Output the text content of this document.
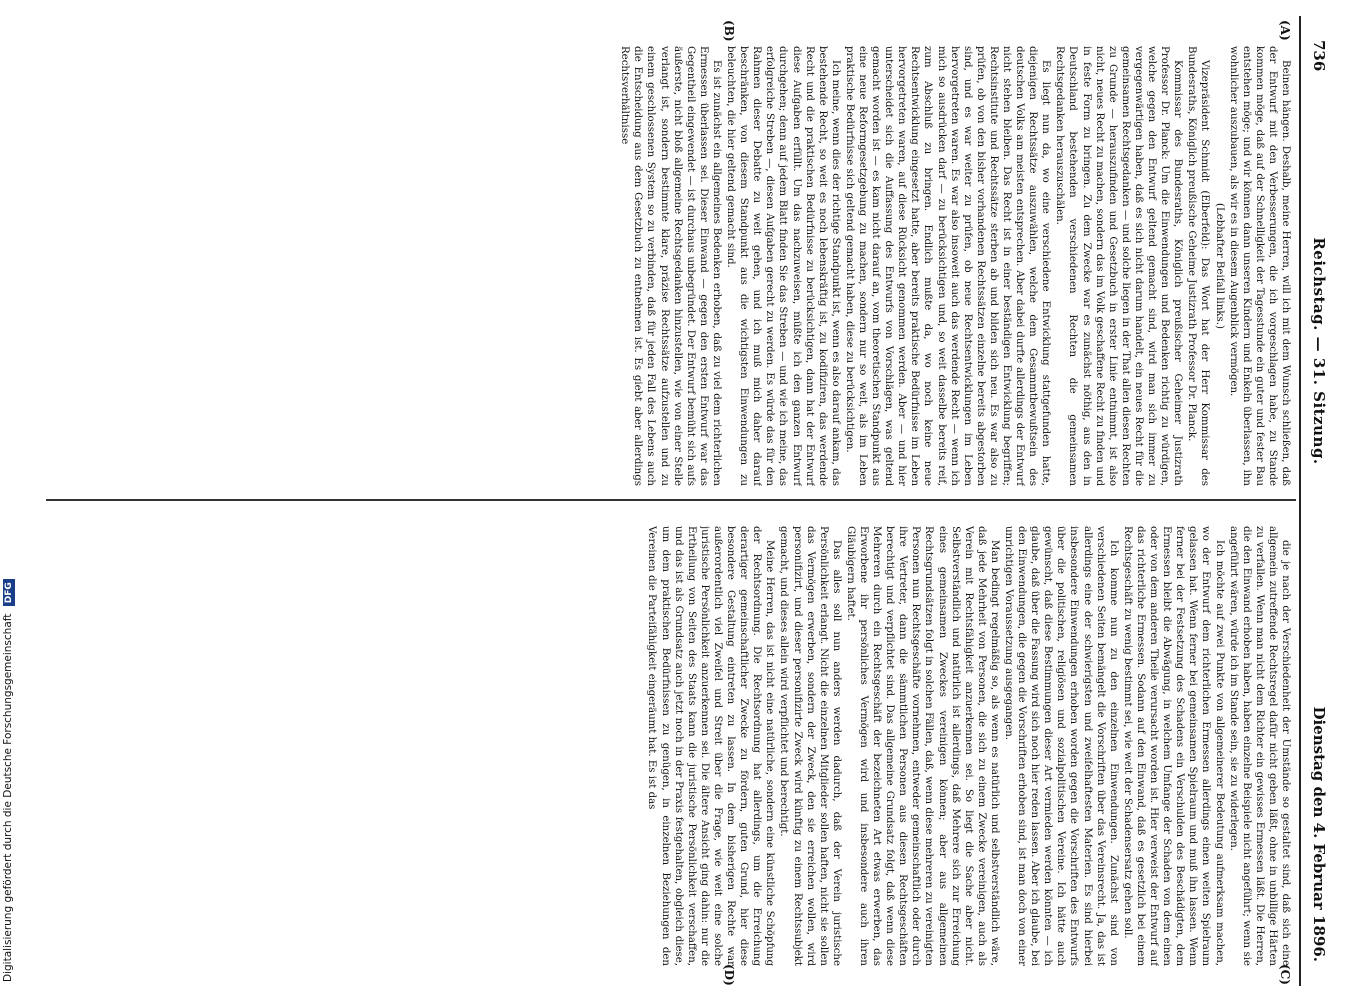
736
Reichstag. — 31. Sitzung.
Dienstag den 4. Februar 1896.
(A)
(B)
(C)
(D)

Beinen hängen. Deshalb, meine Herren, will ich mit dem Wunsch schließen, daß der Entwurf mit den Verbesserungen, die ich vorgeschlagen habe, zu Stande kommen möge, daß auf der Schnelligkeit der Tagesstunde ein guter und fester Bau entstehen möge; und wir können dann unseren Kindern und Enkeln überlassen, ihn wohnlicher auszubauen, als wir es in diesem Augenblick vermögen.

(Lebhafter Beifall links.)

Vizepräsident Schmidt (Elberfeld): Das Wort hat der Herr Kommissar des Bundesraths, Königlich preußische Geheime Justizrath Professor Dr. Planck.

Kommissar des Bundesraths, Königlich preußischer Geheimer Justizrath Professor Dr. Planck: Um die Einwendungen und Bedenken richtig zu würdigen, welche gegen den Entwurf geltend gemacht sind, wird man sich immer zu vergegenwärtigen haben, daß es sich nicht darum handelt, ein neues Recht für die gemeinsamen Rechtsgedanken — und solche liegen in der That allen diesen Rechten zu Grunde — herauszufinden und Gesetzbuch in erster Linie entnimmt, ist also nicht, neues Recht zu machen, sondern das im Volk geschaffene Recht zu finden und in feste Form zu bringen. Zu dem Zwecke war es zunächst nöthig, aus den in Deutschland bestehenden verschiedenen Rechten die gemeinsamen Rechtsgedanken herauszuschälen.

Es liegt nun da, wo eine verschiedene Entwicklung stattgefunden hatte, diejenigen Rechtssätze auszuwählen, welche dem Gesammtbewußtsein des deutschen Volks am meisten entsprechen. Aber dabei durfte allerdings der Entwurf nicht stehen bleiben. Das Recht ist in einer beständigen Entwicklung begriffen; Rechtsinstitute und Rechtssätze sterben ab und bilden sich neu. Es war also zu prüfen, ob von den bisher vorhandenen Rechtssätzen einzelne bereits abgestorben sind, und es war weiter zu prüfen, ob neue Rechtsentwicklungen im Leben hervorgetreten waren. Es war also insoweit auch das werdende Recht — wenn ich mich so ausdrücken darf — zu berücksichtigen und, so weit dasselbe bereits reif, zum Abschluß zu bringen. Endlich mußte da, wo noch keine neue Rechtsentwicklung eingesetzt hatte, aber bereits praktische Bedürfnisse im Leben hervorgetreten waren, auf diese Rücksicht genommen werden. Aber — und hier unterscheidet sich die Auffassung des Entwurfs von Vorschlägen, was geltend gemacht worden ist — es kam nicht darauf an, vom theoretischen Standpunkt aus eine neue Reformgesetzgebung zu machen, sondern nur so weit, als im Leben praktische Bedürfnisse sich geltend gemacht haben, diese zu berücksichtigen.

Ich meine, wenn dies der richtige Standpunkt ist, wenn es also darauf ankam, das bestehende Recht, so weit es noch lebenskräftig ist, zu kodifiziren, das werdende Recht und die praktischen Bedürfnisse zu berücksichtigen, dann hat der Entwurf diese Aufgaben erfüllt. Um das nachzuweisen, müßte ich den ganzen Entwurf durchgehen; denn auf jedem Blatt finden Sie das Streben — und wie ich meine, das erfolgreiche Streben —, diesen Aufgaben gerecht zu werden. Es würde das für den Rahmen dieser Debatte zu weit gehen, und ich muß mich daher darauf beschränken, von diesem Standpunkt aus die wichtigsten Einwendungen zu beleuchten, die hier geltend gemacht sind.

Es ist zunächst ein allgemeines Bedenken erhoben, daß zu viel dem richterlichen Ermessen überlassen sei. Dieser Einwand — gegen den ersten Entwurf war das Gegentheil eingewendet — ist durchaus unbegründet. Der Entwurf bemüht sich aufs äußerste, nicht bloß allgemeine Rechtsgedanken hinzustellen, wie von einer Stelle verlangt ist, sondern bestimmte klare, präzise Rechtssätze aufzustellen und zu einem geschlossenen System so zu verbinden, daß für jeden Fall des Lebens auch die Entscheidung aus dem Gesetzbuch zu entnehmen ist. Es giebt aber allerdings Rechtsverhältnisse

die je nach der Verschiedenheit der Umstände so gestaltet sind, daß sich eine allgemein zutreffende Rechtsregel dafür nicht geben läßt, ohne in unbillige Härten zu verfallen. Wenn man nicht dem Richter ein gewisses Ermessen läßt. Die Herren, die den Einwand erhoben haben, haben einzelne Beispiele nicht angeführt; wenn sie angeführt wären, würde ich im Stande sein, sie zu widerlegen.

Ich möchte auf zwei Punkte von allgemeinerer Bedeutung aufmerksam machen, wo der Entwurf dem richterlichen Ermessen allerdings einen weiten Spielraum gelassen hat. Wenn ferner bei gemeinsamen Spielraum und muß ihn lassen. Wenn ferner bei der Festsetzung des Schadens ein Verschulden des Beschädigten, dem Ermessen bleibt die Abwägung, in welchem Umfange der Schaden von dem einen oder von dem anderen Theile verursacht worden ist. Hier verweist der Entwurf auf das richterliche Ermessen. Sodann auf den Einwand, daß es gesetzlich bei einem Rechtsgeschäft zu wenig bestimmt sei, wie weit der Schadensersatz gehen soll.

Ich komme nun zu den einzelnen Einwendungen. Zunächst sind von verschiedenen Seiten bemängelt die Vorschriften über das Vereinsrecht. Ja, das ist allerdings eine der schwierigsten und zweifelhaftesten Materien. Es sind hierbei insbesondere Einwendungen erhoben worden gegen die Vorschriften des Entwurfs über die politischen, religiösen und sozialpolitischen Vereine. Ich hätte auch gewünscht, daß diese Bestimmungen dieser Art vermieden werden könnten — ich glaube, daß über die Fassung wird sich noch hier reden lassen. Aber ich glaube, bei den Einwendungen, die gegen die Vorschriften erhoben sind, ist man doch von einer unrichtigen Voraussetzung ausgegangen.

Man bedingt regelmäßig so, als wenn es natürlich und selbstverständlich wäre, daß jede Mehrheit von Personen, die sich zu einem Zwecke vereinigen, auch als Verein mit Rechtsfähigkeit anzuerkennen sei. So liegt die Sache aber nicht. Selbstverständlich und natürlich ist allerdings, daß Mehrere sich zur Erreichung eines gemeinsamen Zweckes vereinigen können; aber aus allgemeinen Rechtsgrundsätzen folgt in solchen Fällen, daß, wenn diese mehreren zu vereinigten Personen nun Rechtsgeschäfte vornehmen, entweder gemeinschaftlich oder durch ihre Vertreter, dann die sämmtlichen Personen aus diesen Rechtsgeschäften berechtigt und verpflichtet sind. Das allgemeine Grundsatz folgt, daß wenn diese Mehreren durch ein Rechtsgeschäft der bezeichneten Art etwas erwerben, das Erworbene ihr persönliches Vermögen wird und insbesondere auch ihren Gläubigern haftet.

Das alles soll nun anders werden dadurch, daß der Verein juristische Persönlichkeit erlangt. Nicht die einzelnen Mitglieder sollen haften, nicht sie sollen das Vermögen erwerben, sondern der Zweck, den sie erreichen wollen, wird personifizirt, und dieser personifizirte Zweck wird künftig zu einem Rechtssubjekt gemacht, und dieses allein wird verpflichtet und berechtigt.

Meine Herren, das ist nicht eine natürliche, sondern eine künstliche Schöpfung der Rechtsordnung. Die Rechtsordnung hat allerdings, um die Erreichung derartiger gemeinschaftlicher Zwecke zu fördern, guten Grund, hier diese besondere Gestaltung eintreten zu lassen. In dem bisherigen Rechte war außerordentlich viel Zweifel und Streit über die Frage, wie weit eine solche juristische Persönlichkeit anzuerkennen sei. Die ältere Ansicht ging dahin: nur die Ertheilung von Seiten des Staats kann die juristische Persönlichkeit verschaffen, und das ist als Grundsatz auch jetzt noch in der Praxis festgehalten, obgleich diese, um dem praktischen Bedürfnissen zu genügen, in einzelnen Beziehungen den Vereinen die Parteifähigkeit eingeräumt hat. Es ist das

Digitalisierung gefördert durch die Deutsche Forschungsgemeinschaft DFG
